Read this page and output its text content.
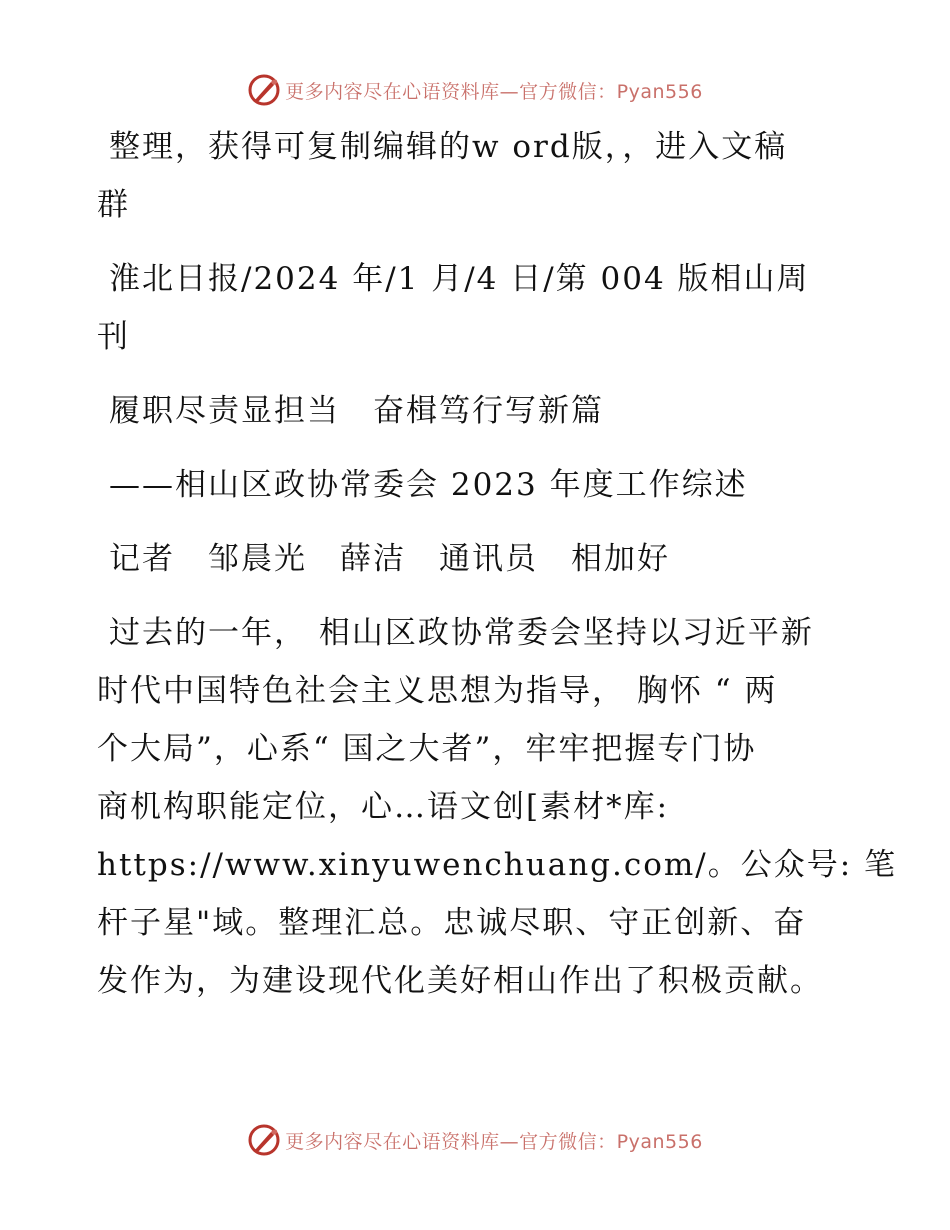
更多内容尽在心语资料库—官方微信：Pyan556
整理，获得可复制编辑的w ord版，，进入文稿
群
淮北日报/2024 年/1 月/4 日/第 004 版相山周
刊
履职尽责显担当　奋楫笃行写新篇
——相山区政协常委会 2023 年度工作综述
记者　邹晨光　薛洁　通讯员　相加好
过去的一年， 相山区政协常委会坚持以习近平新
时代中国特色社会主义思想为指导， 胸怀 “ 两
个大局”，心系“ 国之大者”，牢牢把握专门协
商机构职能定位，心…语文创[素材*库:
https://www.xinyuwenchuang.com/。公众号: 笔
杆子星"域。整理汇总。忠诚尽职、守正创新、奋
发作为，为建设现代化美好相山作出了积极贡献。
更多内容尽在心语资料库—官方微信：Pyan556
